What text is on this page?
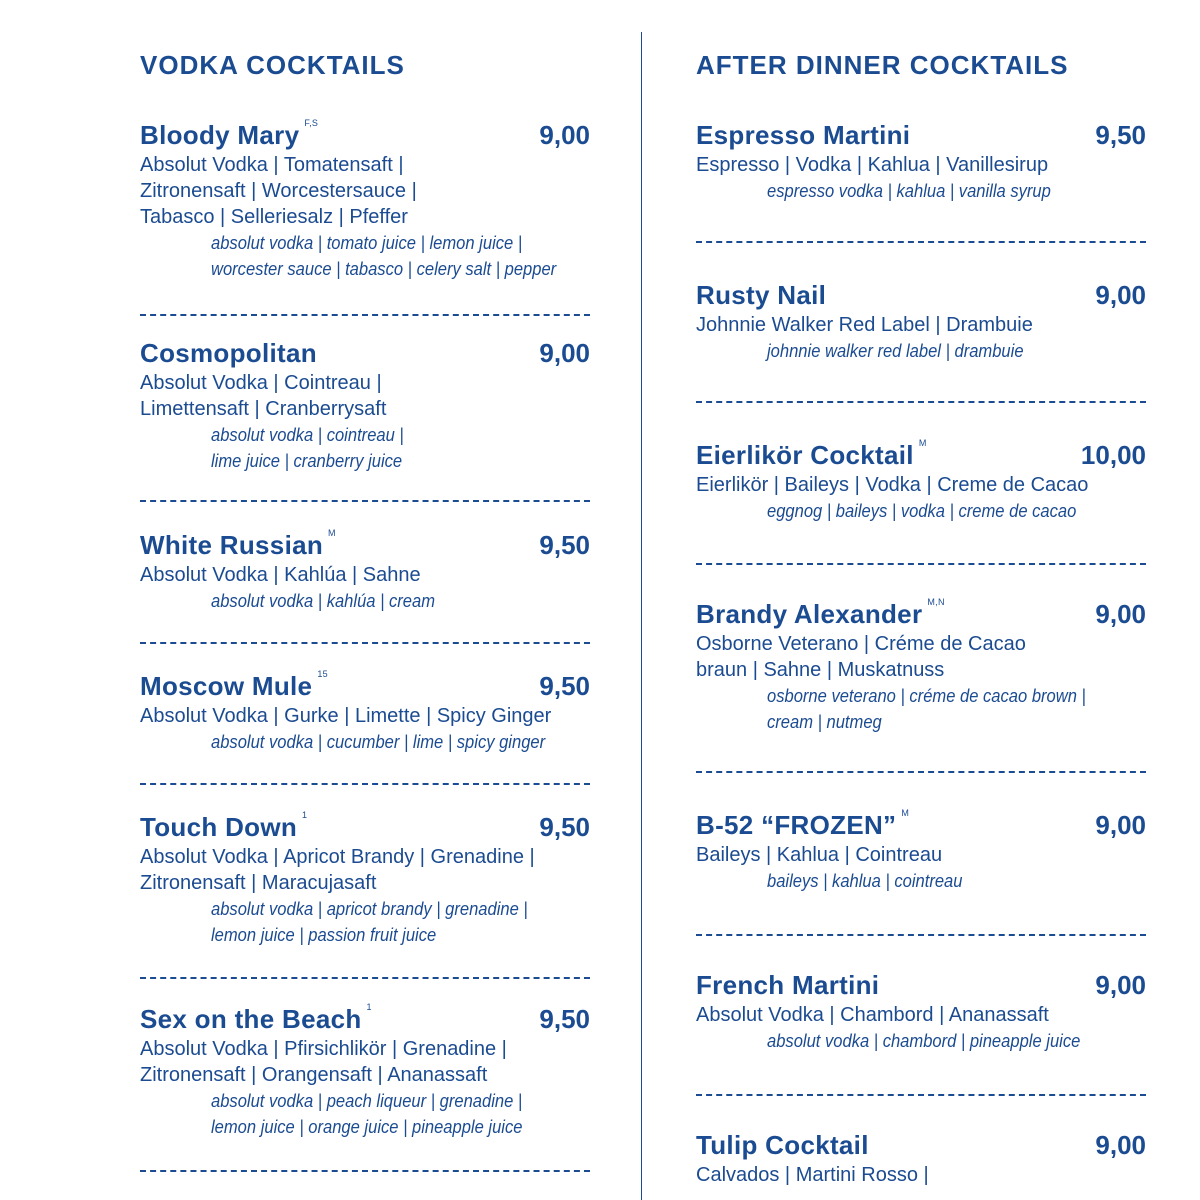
VODKA COCKTAILS
Bloody Mary $^{F,S}$	9,00
Absolut Vodka | Tomatensaft |
Zitronensaft | Worcestersauce |
Tabasco | Selleriesalz | Pfeffer
absolut vodka | tomato juice | lemon juice |
worcester sauce | tabasco | celery salt | pepper
Cosmopolitan	9,00
Absolut Vodka | Cointreau |
Limettensaft | Cranberrysaft
absolut vodka | cointreau |
lime juice | cranberry juice
White Russian $^M$	9,50
Absolut Vodka | Kahlúa | Sahne
absolut vodka | kahlúa | cream
Moscow Mule $^{15}$	9,50
Absolut Vodka | Gurke | Limette | Spicy Ginger
absolut vodka | cucumber | lime | spicy ginger
Touch Down $^1$	9,50
Absolut Vodka | Apricot Brandy | Grenadine |
Zitronensaft | Maracujasaft
absolut vodka | apricot brandy | grenadine |
lemon juice | passion fruit juice
Sex on the Beach $^1$	9,50
Absolut Vodka | Pfirsichlikör | Grenadine |
Zitronensaft | Orangensaft | Ananassaft
absolut vodka | peach liqueur | grenadine |
lemon juice | orange juice | pineapple juice
AFTER DINNER COCKTAILS
Espresso Martini	9,50
Espresso | Vodka | Kahlua | Vanillesirup
espresso vodka | kahlua | vanilla syrup
Rusty Nail	9,00
Johnnie Walker Red Label | Drambuie
johnnie walker red label | drambuie
Eierlikör Cocktail $^M$	10,00
Eierlikör | Baileys | Vodka | Creme de Cacao
eggnog | baileys | vodka | creme de cacao
Brandy Alexander $^{M,N}$	9,00
Osborne Veterano | Créme de Cacao
braun | Sahne | Muskatnuss
osborne veterano | créme de cacao brown |
cream | nutmeg
B-52 “FROZEN” $^M$	9,00
Baileys | Kahlua | Cointreau
baileys | kahlua | cointreau
French Martini	9,00
Absolut Vodka | Chambord | Ananassaft
absolut vodka | chambord | pineapple juice
Tulip Cocktail	9,00
Calvados | Martini Rosso |
